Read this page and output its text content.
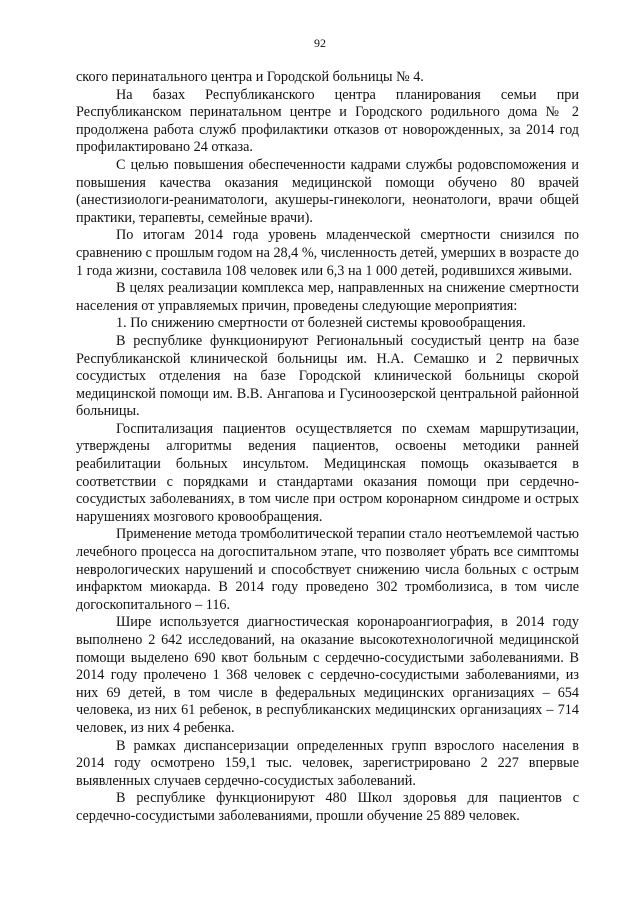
92

ского перинатального центра и Городской больницы № 4.

На базах Республиканского центра планирования семьи при Республиканском перинатальном центре и Городского родильного дома № 2 продолжена работа служб профилактики отказов от новорожденных, за 2014 год профилактировано 24 отказа.

С целью повышения обеспеченности кадрами службы родовспоможения и повышения качества оказания медицинской помощи обучено 80 врачей (анестизиологи-реаниматологи, акушеры-гинекологи, неонатологи, врачи общей практики, терапевты, семейные врачи).

По итогам 2014 года уровень младенческой смертности снизился по сравнению с прошлым годом на 28,4 %, численность детей, умерших в возрасте до 1 года жизни, составила 108 человек или 6,3 на 1 000 детей, родившихся живыми.

В целях реализации комплекса мер, направленных на снижение смертности населения от управляемых причин, проведены следующие мероприятия:

1. По снижению смертности от болезней системы кровообращения.

В республике функционируют Региональный сосудистый центр на базе Республиканской клинической больницы им. Н.А. Семашко и 2 первичных сосудистых отделения на базе Городской клинической больницы скорой медицинской помощи им. В.В. Ангапова и Гусиноозерской центральной районной больницы.

Госпитализация пациентов осуществляется по схемам маршрутизации, утверждены алгоритмы ведения пациентов, освоены методики ранней реабилитации больных инсультом. Медицинская помощь оказывается в соответствии с порядками и стандартами оказания помощи при сердечно-сосудистых заболеваниях, в том числе при остром коронарном синдроме и острых нарушениях мозгового кровообращения.

Применение метода тромболитической терапии стало неотъемлемой частью лечебного процесса на догоспитальном этапе, что позволяет убрать все симптомы неврологических нарушений и способствует снижению числа больных с острым инфарктом миокарда. В 2014 году проведено 302 тромболизиса, в том числе догоскопитального – 116.

Шире используется диагностическая коронароангиография, в 2014 году выполнено 2 642 исследований, на оказание высокотехнологичной медицинской помощи выделено 690 квот больным с сердечно-сосудистыми заболеваниями. В 2014 году пролечено 1 368 человек с сердечно-сосудистыми заболеваниями, из них 69 детей, в том числе в федеральных медицинских организациях – 654 человека, из них 61 ребенок, в республиканских медицинских организациях – 714 человек, из них 4 ребенка.

В рамках диспансеризации определенных групп взрослого населения в 2014 году осмотрено 159,1 тыс. человек, зарегистрировано 2 227 впервые выявленных случаев сердечно-сосудистых заболеваний.

В республике функционируют 480 Школ здоровья для пациентов с сердечно-сосудистыми заболеваниями, прошли обучение 25 889 человек.
